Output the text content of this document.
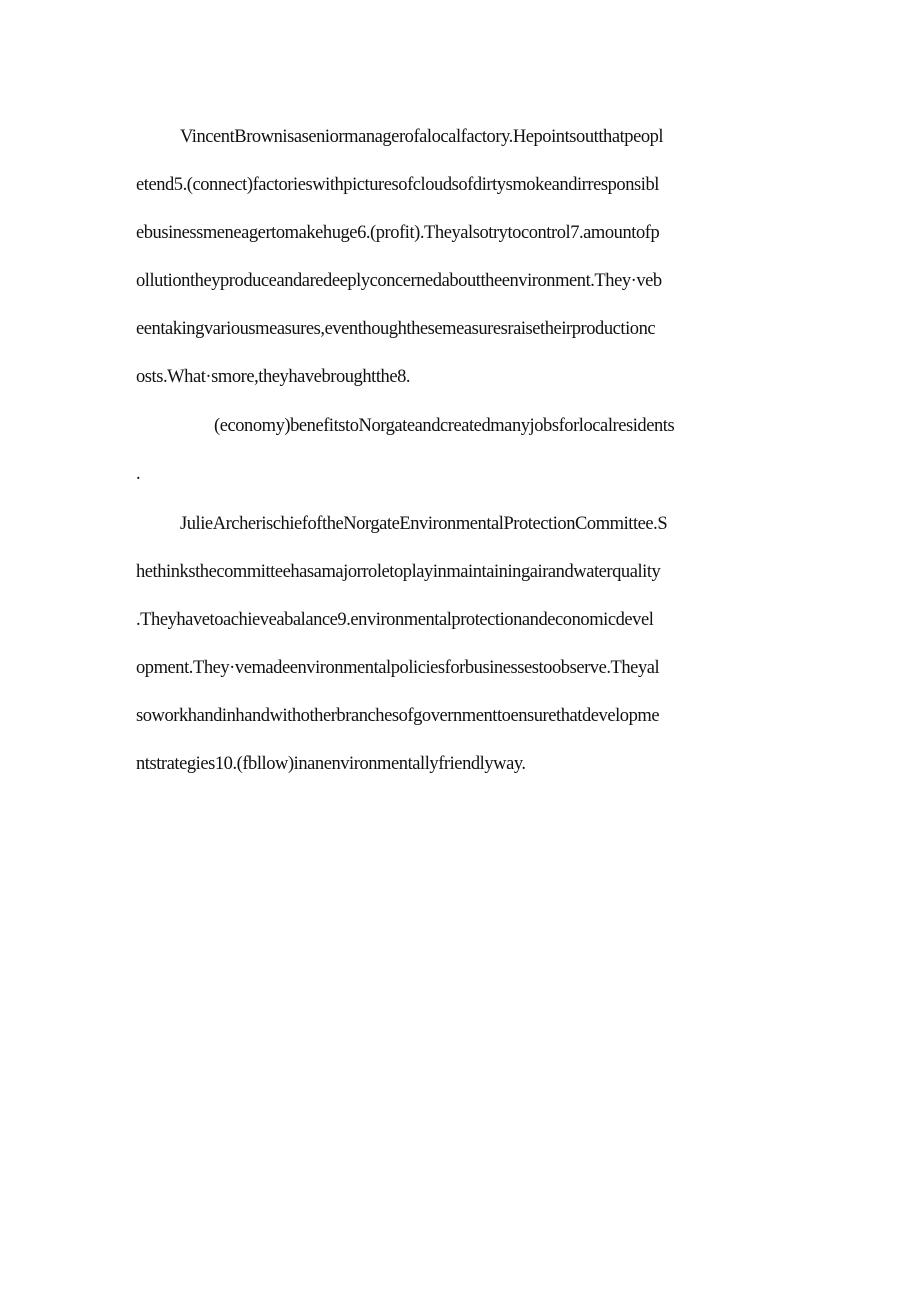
VincentBrownisaseniormanagerofalocalfactory.Hepointsoutthatpeopl

etend5.(connect)factorieswithpicturesofcloudsofdirtysmokeandirresponsibl

ebusinessmeneagertomakehuge6.(profit).Theyalsotrytocontrol7.amountofp

ollutiontheyproduceandaredeeplyconcernedabouttheenvironment.They·veb

eentakingvariousmeasures,eventhoughthesemeasuresraisetheirproductionc

osts.What·smore,theyhavebroughtthe8.

(economy)benefitstoNorgateandcreatedmanyjobsforlocalresidents

.

JulieArcherischiefoftheNorgateEnvironmentalProtectionCommittee.S

hethinksthecommitteehasamajorroletoplayinmaintainingairandwaterquality

.Theyhavetoachieveabalance9.environmentalprotectionandeconomicdevel

opment.They·vemadeenvironmentalpoliciesforbusinessestoobserve.Theyal

soworkhandinhandwithotherbranchesofgovernmenttoensurethatdevelopme

ntstrategies10.(fbllow)inanenvironmentallyfriendlyway.
